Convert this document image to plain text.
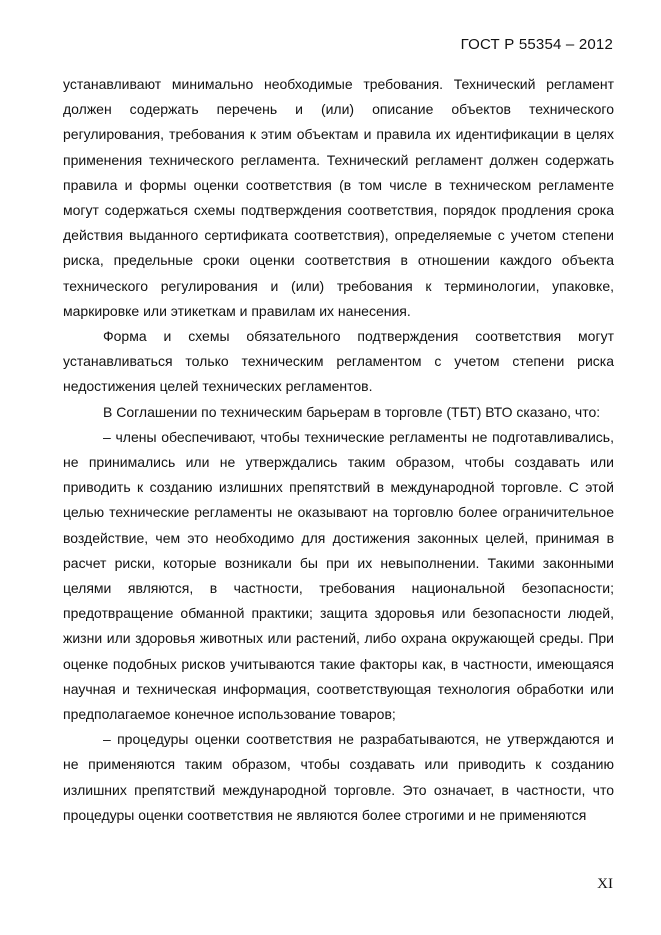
ГОСТ Р 55354 – 2012

устанавливают минимально необходимые требования. Технический регламент должен содержать перечень и (или) описание объектов технического регулирования, требования к этим объектам и правила их идентификации в целях применения технического регламента. Технический регламент должен содержать правила и формы оценки соответствия (в том числе в техническом регламенте могут содержаться схемы подтверждения соответствия, порядок продления срока действия выданного сертификата соответствия), определяемые с учетом степени риска, предельные сроки оценки соответствия в отношении каждого объекта технического регулирования и (или) требования к терминологии, упаковке, маркировке или этикеткам и правилам их нанесения.

Форма и схемы обязательного подтверждения соответствия могут устанавливаться только техническим регламентом с учетом степени риска недостижения целей технических регламентов.

В Соглашении по техническим барьерам в торговле (ТБТ) ВТО сказано, что:

– члены обеспечивают, чтобы технические регламенты не подготавливались, не принимались или не утверждались таким образом, чтобы создавать или приводить к созданию излишних препятствий в международной торговле. С этой целью технические регламенты не оказывают на торговлю более ограничительное воздействие, чем это необходимо для достижения законных целей, принимая в расчет риски, которые возникали бы при их невыполнении. Такими законными целями являются, в частности, требования национальной безопасности; предотвращение обманной практики; защита здоровья или безопасности людей, жизни или здоровья животных или растений, либо охрана окружающей среды. При оценке подобных рисков учитываются такие факторы как, в частности, имеющаяся научная и техническая информация, соответствующая технология обработки или предполагаемое конечное использование товаров;

– процедуры оценки соответствия не разрабатываются, не утверждаются и не применяются таким образом, чтобы создавать или приводить к созданию излишних препятствий международной торговле. Это означает, в частности, что процедуры оценки соответствия не являются более строгими и не применяются

XI
